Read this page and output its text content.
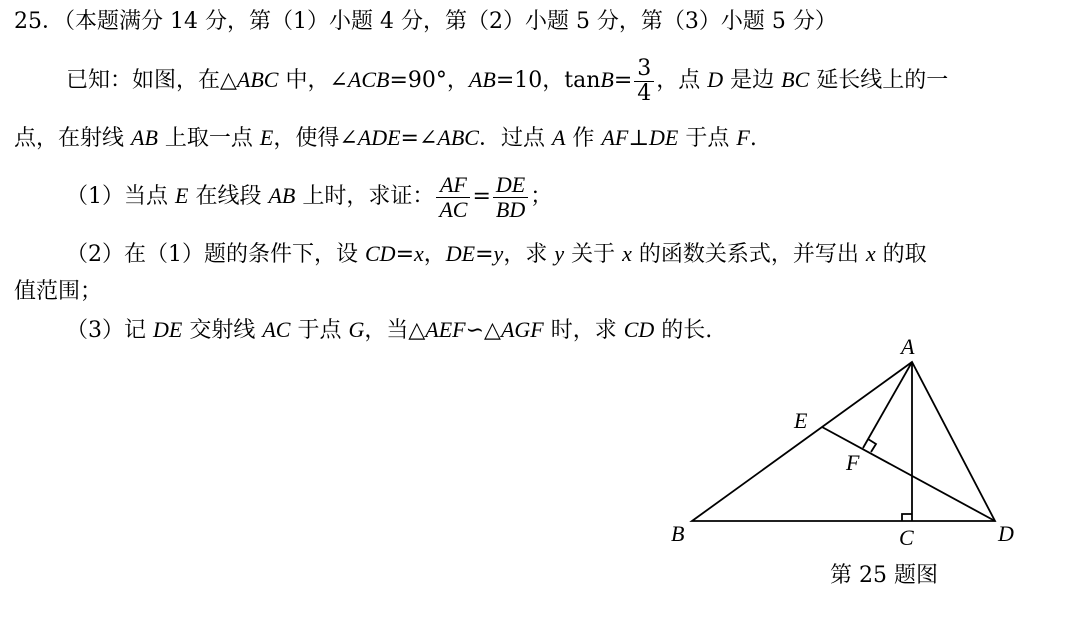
25．（本题满分 14 分，第（1）小题 4 分，第（2）小题 5 分，第（3）小题 5 分）
已知：如图，在△ABC 中，∠ACB=90°，AB=10，$\tan B= \frac{3}{4}$ ，点 D 是边 BC 延长线上的一
点，在射线 AB 上取一点 E，使得∠ADE=∠ABC．过点 A 作 AF⊥DE 于点 F.
（1）当点 E 在线段 AB 上时，求证： $\frac{AF}{AC} = \frac{DE}{BD}$ ；
（2）在（1）题的条件下，设 CD=x，DE=y，求 y 关于 x 的函数关系式，并写出 x 的取
值范围；
（3）记 DE 交射线 AC 于点 G，当△AEF∽△AGF 时，求 CD 的长.
A
B	C	D
E
F
第 25 题图
